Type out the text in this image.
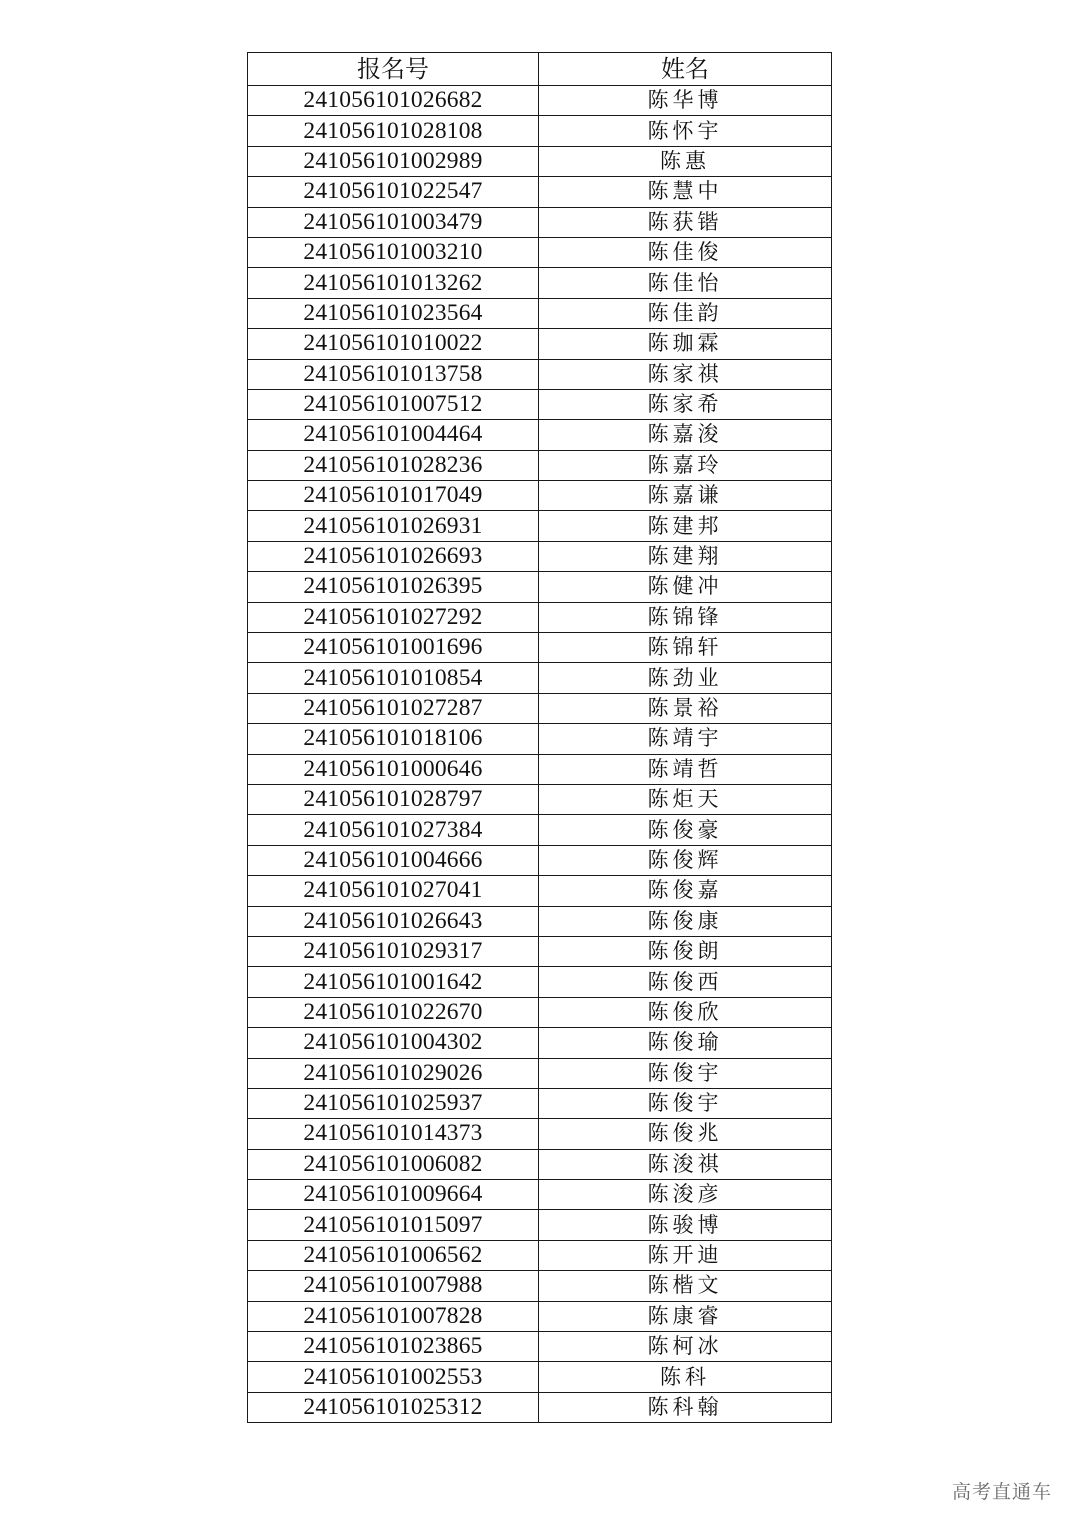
报名号	姓名
241056101026682	陈华博
241056101028108	陈怀宇
241056101002989	陈惠
241056101022547	陈慧中
241056101003479	陈获锴
241056101003210	陈佳俊
241056101013262	陈佳怡
241056101023564	陈佳韵
241056101010022	陈珈霖
241056101013758	陈家祺
241056101007512	陈家希
241056101004464	陈嘉浚
241056101028236	陈嘉玲
241056101017049	陈嘉谦
241056101026931	陈建邦
241056101026693	陈建翔
241056101026395	陈健冲
241056101027292	陈锦锋
241056101001696	陈锦轩
241056101010854	陈劲业
241056101027287	陈景裕
241056101018106	陈靖宇
241056101000646	陈靖哲
241056101028797	陈炬天
241056101027384	陈俊豪
241056101004666	陈俊辉
241056101027041	陈俊嘉
241056101026643	陈俊康
241056101029317	陈俊朗
241056101001642	陈俊西
241056101022670	陈俊欣
241056101004302	陈俊瑜
241056101029026	陈俊宇
241056101025937	陈俊宇
241056101014373	陈俊兆
241056101006082	陈浚祺
241056101009664	陈浚彦
241056101015097	陈骏博
241056101006562	陈开迪
241056101007988	陈楷文
241056101007828	陈康睿
241056101023865	陈柯冰
241056101002553	陈科
241056101025312	陈科翰
高考直通车
